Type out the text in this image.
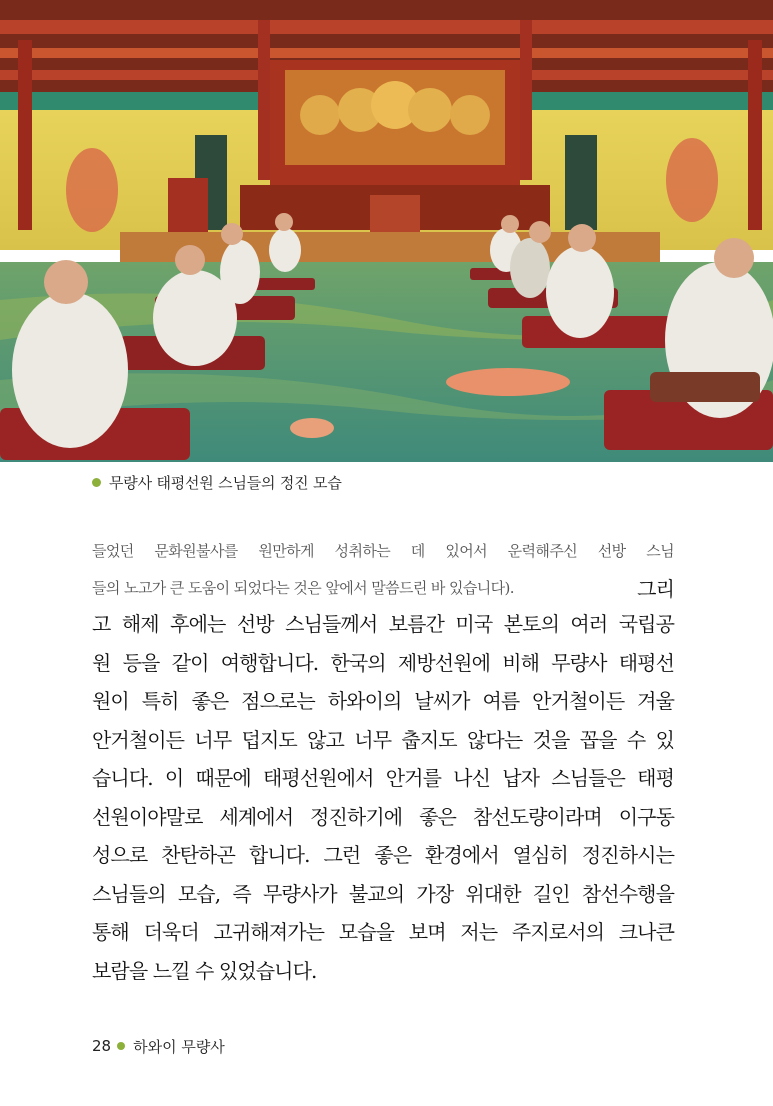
무량사 태평선원 스님들의 정진 모습
들었던 문화원불사를 원만하게 성취하는 데 있어서 운력해주신 선방 스님
들의 노고가 큰 도움이 되었다는 것은 앞에서 말씀드린 바 있습니다).	그리
고 해제 후에는 선방 스님들께서 보름간 미국 본토의 여러 국립공
원 등을 같이 여행합니다. 한국의 제방선원에 비해 무량사 태평선
원이 특히 좋은 점으로는 하와이의 날씨가 여름 안거철이든 겨울
안거철이든 너무 덥지도 않고 너무 춥지도 않다는 것을 꼽을 수 있
습니다. 이 때문에 태평선원에서 안거를 나신 납자 스님들은 태평
선원이야말로 세계에서 정진하기에 좋은 참선도량이라며 이구동
성으로 찬탄하곤 합니다. 그런 좋은 환경에서 열심히 정진하시는
스님들의 모습, 즉 무량사가 불교의 가장 위대한 길인 참선수행을
통해 더욱더 고귀해져가는 모습을 보며 저는 주지로서의 크나큰
보람을 느낄 수 있었습니다.
28 하와이 무량사
